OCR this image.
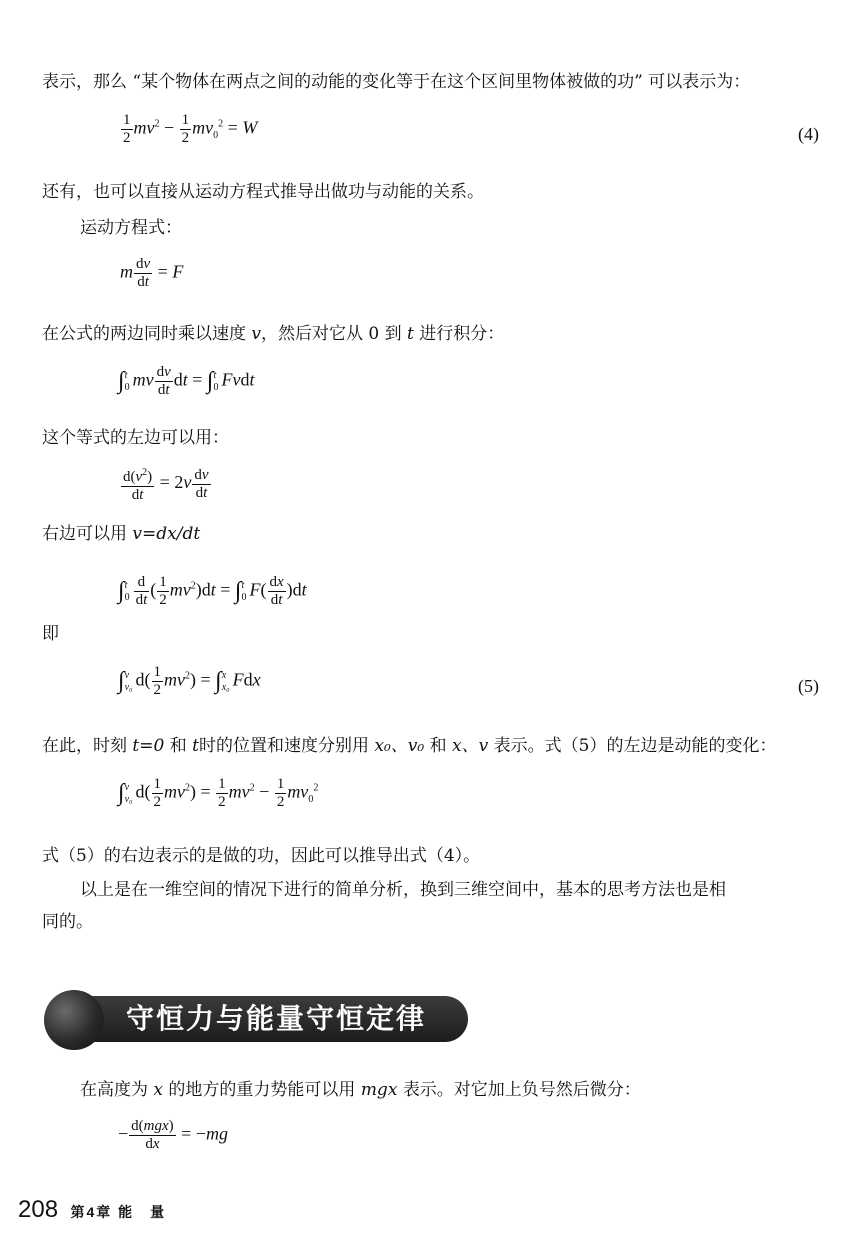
表示，那么 “某个物体在两点之间的动能的变化等于在这个区间里物体被做的功” 可以表示为：
$\frac{1}{2} mv^2 - \frac{1}{2} mv_0^2 = W$	(4)
还有，也可以直接从运动方程式推导出做功与动能的关系。
运动方程式：
m $\frac{dv}{dt} = F$
在公式的两边同时乘以速度 v，然后对它从 0 到 t 进行积分：
∫ t
0 mv $\frac{dv}{dt}$ dt = ∫ t
0 Fvdt
这个等式的左边可以用：
$\frac{d(v^2)}{dt} = 2v \frac{dv}{dt}$
右边可以用 v=dx/dt
∫ t
$0 \frac{d}{dt}$ ( $\frac{1}{2} mv^2)dt$ = ∫ t
0 $F( \frac{dx}{dt} )dt$
即
∫ v
v₀ $d( \frac{1}{2} mv^2)$ = ∫ x
x₀ Fdx	(5)
在此，时刻 t=0 和 t时的位置和速度分别用 x₀、v₀ 和 x、v 表示。式（5）的左边是动能的变化：
∫ v
v₀ $d( \frac{1}{2} mv^2) = \frac{1}{2} mv^2 - \frac{1}{2} mv_0^2$
式（5）的右边表示的是做的功，因此可以推导出式（4）。
以上是在一维空间的情况下进行的简单分析，换到三维空间中，基本的思考方法也是相
同的。
守恒力与能量守恒定律
在高度为 x 的地方的重力势能可以用 mgx 表示。对它加上负号然后微分：
− $\frac{\text{d(mgx)}}{dx} = -mg$
208 第4章 能　量
